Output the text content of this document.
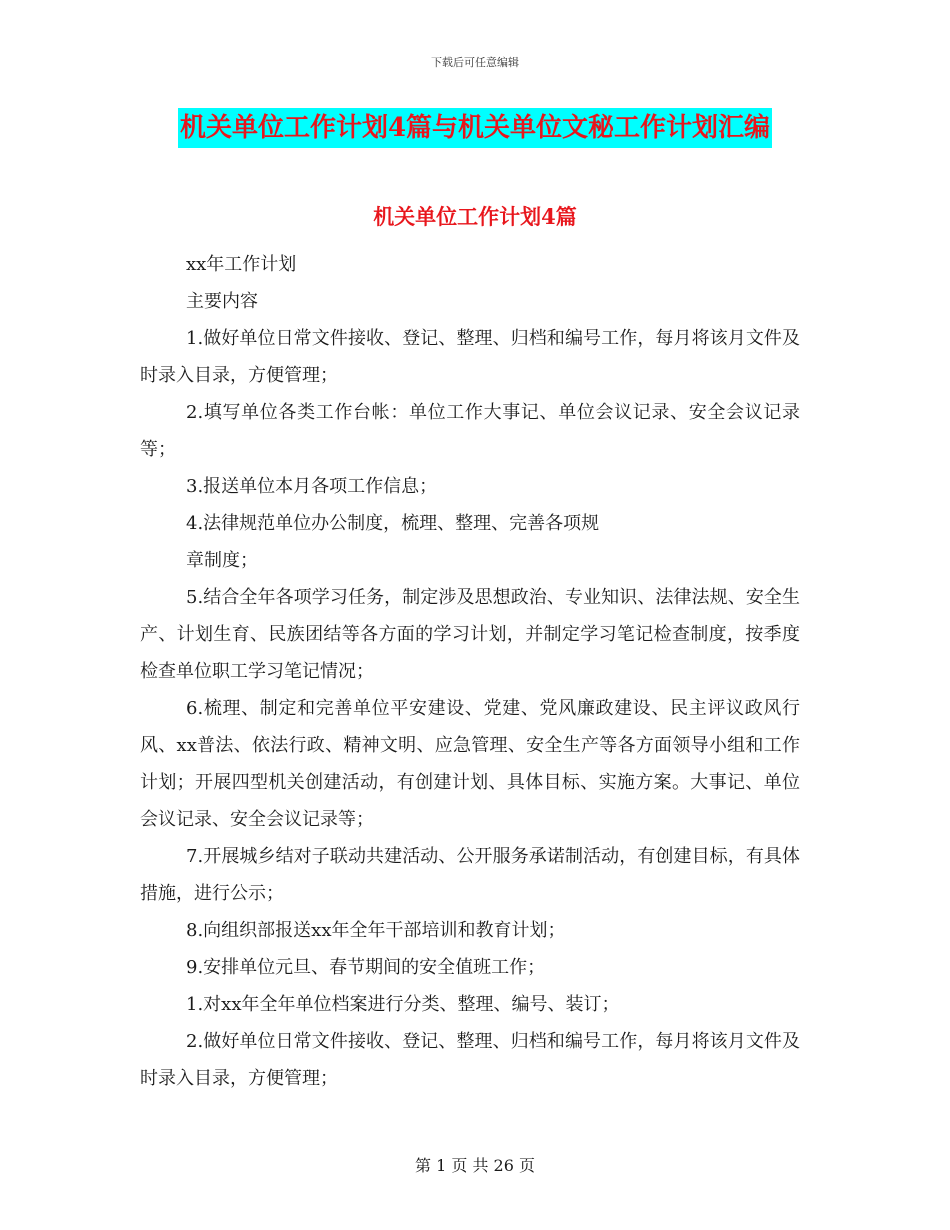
下载后可任意编辑
机关单位工作计划4篇与机关单位文秘工作计划汇编
机关单位工作计划4篇

xx年工作计划

主要内容

1.做好单位日常文件接收、登记、整理、归档和编号工作，每月将该月文件及时录入目录，方便管理；

2.填写单位各类工作台帐：单位工作大事记、单位会议记录、安全会议记录等；

3.报送单位本月各项工作信息；

4.法律规范单位办公制度，梳理、整理、完善各项规

章制度；

5.结合全年各项学习任务，制定涉及思想政治、专业知识、法律法规、安全生产、计划生育、民族团结等各方面的学习计划，并制定学习笔记检查制度，按季度检查单位职工学习笔记情况；

6.梳理、制定和完善单位平安建设、党建、党风廉政建设、民主评议政风行风、xx普法、依法行政、精神文明、应急管理、安全生产等各方面领导小组和工作计划；开展四型机关创建活动，有创建计划、具体目标、实施方案。大事记、单位会议记录、安全会议记录等；

7.开展城乡结对子联动共建活动、公开服务承诺制活动，有创建目标，有具体措施，进行公示；

8.向组织部报送xx年全年干部培训和教育计划；

9.安排单位元旦、春节期间的安全值班工作；

1.对xx年全年单位档案进行分类、整理、编号、装订；

2.做好单位日常文件接收、登记、整理、归档和编号工作，每月将该月文件及时录入目录，方便管理；

第 1 页 共 26 页
